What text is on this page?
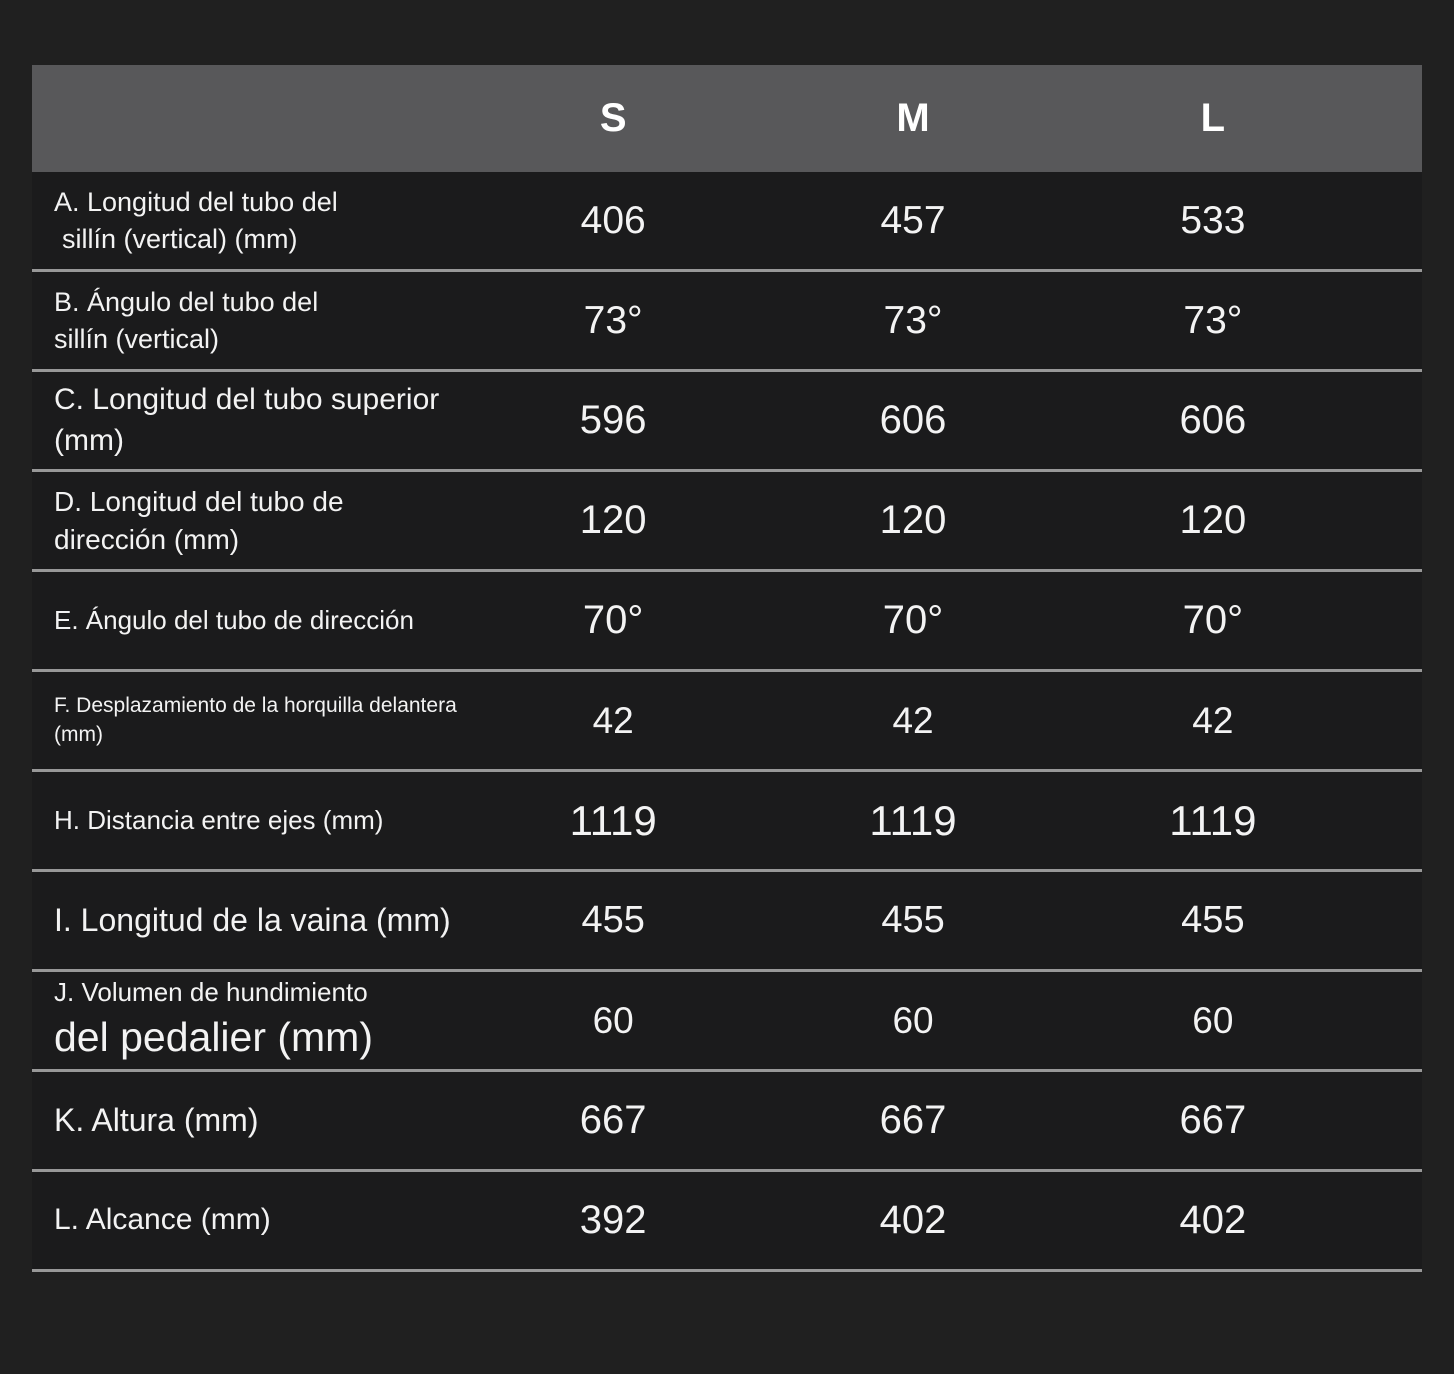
S	M	L
A. Longitud del tubo del
sillín (vertical) (mm)	406	457	533
B. Ángulo del tubo del
sillín (vertical)	73°	73°	73°
C. Longitud del tubo superior (mm)	596	606	606
D. Longitud del tubo de dirección (mm)	120	120	120
E. Ángulo del tubo de dirección	70°	70°	70°
F. Desplazamiento de la horquilla delantera (mm)	42	42	42
H. Distancia entre ejes (mm)	1119	1119	1119
I. Longitud de la vaina (mm)	455	455	455
J. Volumen de hundimiento
del pedalier (mm)	60	60	60
K. Altura (mm)	667	667	667
L. Alcance (mm)	392	402	402
